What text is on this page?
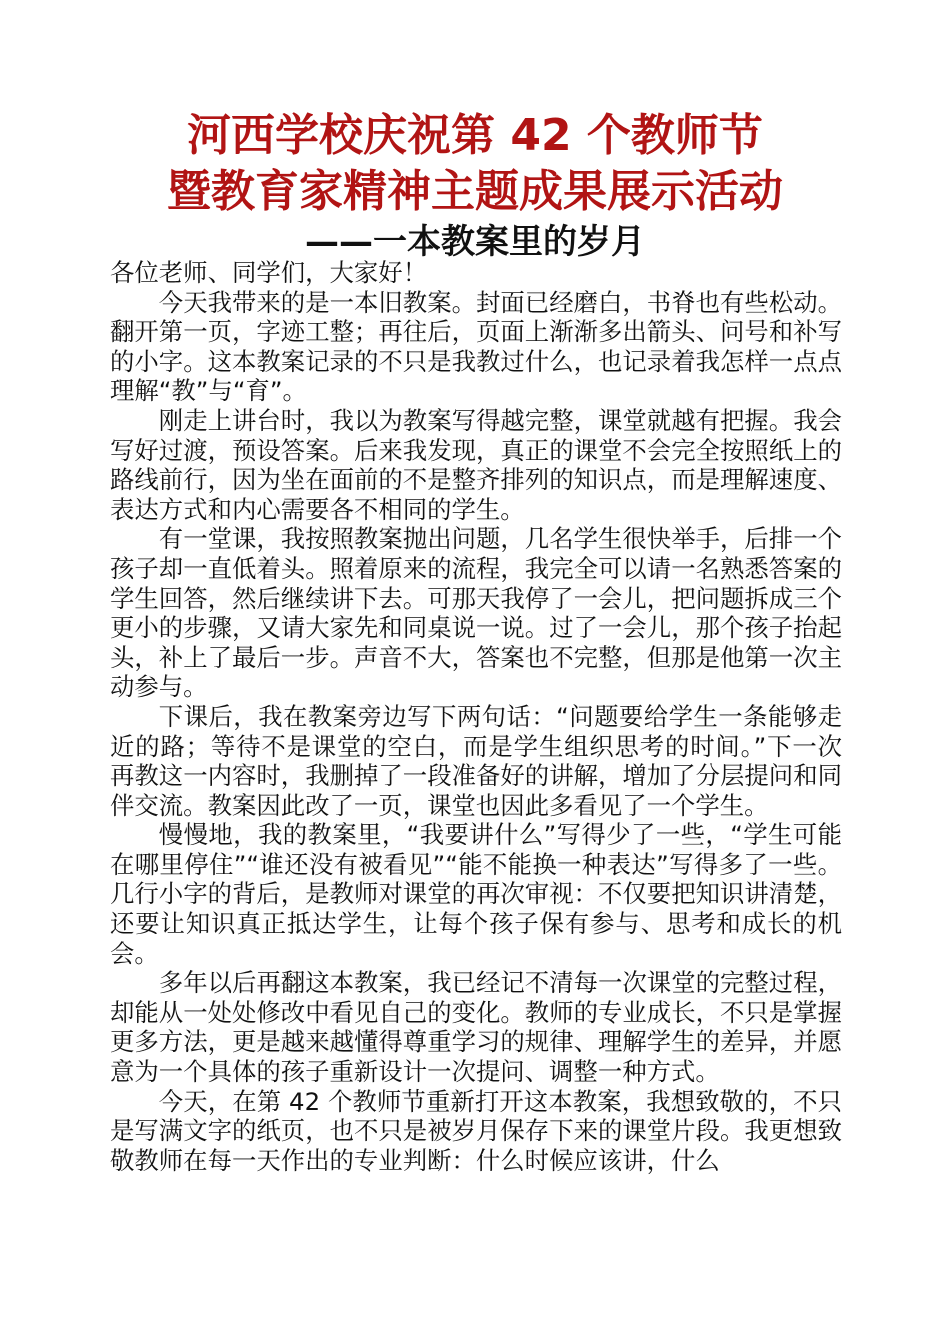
河西学校庆祝第 42 个教师节
暨教育家精神主题成果展示活动
——一本教案里的岁月

各位老师、同学们，大家好！

今天我带来的是一本旧教案。封面已经磨白，书脊也有些松动。翻开第一页，字迹工整；再往后，页面上渐渐多出箭头、问号和补写的小字。这本教案记录的不只是我教过什么，也记录着我怎样一点点理解“教”与“育”。

刚走上讲台时，我以为教案写得越完整，课堂就越有把握。我会写好过渡，预设答案。后来我发现，真正的课堂不会完全按照纸上的路线前行，因为坐在面前的不是整齐排列的知识点，而是理解速度、表达方式和内心需要各不相同的学生。

有一堂课，我按照教案抛出问题，几名学生很快举手，后排一个孩子却一直低着头。照着原来的流程，我完全可以请一名熟悉答案的学生回答，然后继续讲下去。可那天我停了一会儿，把问题拆成三个更小的步骤，又请大家先和同桌说一说。过了一会儿，那个孩子抬起头，补上了最后一步。声音不大，答案也不完整，但那是他第一次主动参与。

下课后，我在教案旁边写下两句话：“问题要给学生一条能够走近的路；等待不是课堂的空白，而是学生组织思考的时间。”下一次再教这一内容时，我删掉了一段准备好的讲解，增加了分层提问和同伴交流。教案因此改了一页，课堂也因此多看见了一个学生。

慢慢地，我的教案里，“我要讲什么”写得少了一些，“学生可能在哪里停住”“谁还没有被看见”“能不能换一种表达”写得多了一些。几行小字的背后，是教师对课堂的再次审视：不仅要把知识讲清楚，还要让知识真正抵达学生，让每个孩子保有参与、思考和成长的机会。

多年以后再翻这本教案，我已经记不清每一次课堂的完整过程，却能从一处处修改中看见自己的变化。教师的专业成长，不只是掌握更多方法，更是越来越懂得尊重学习的规律、理解学生的差异，并愿意为一个具体的孩子重新设计一次提问、调整一种方式。

今天，在第 42 个教师节重新打开这本教案，我想致敬的，不只是写满文字的纸页，也不只是被岁月保存下来的课堂片段。我更想致敬教师在每一天作出的专业判断：什么时候应该讲，什么
